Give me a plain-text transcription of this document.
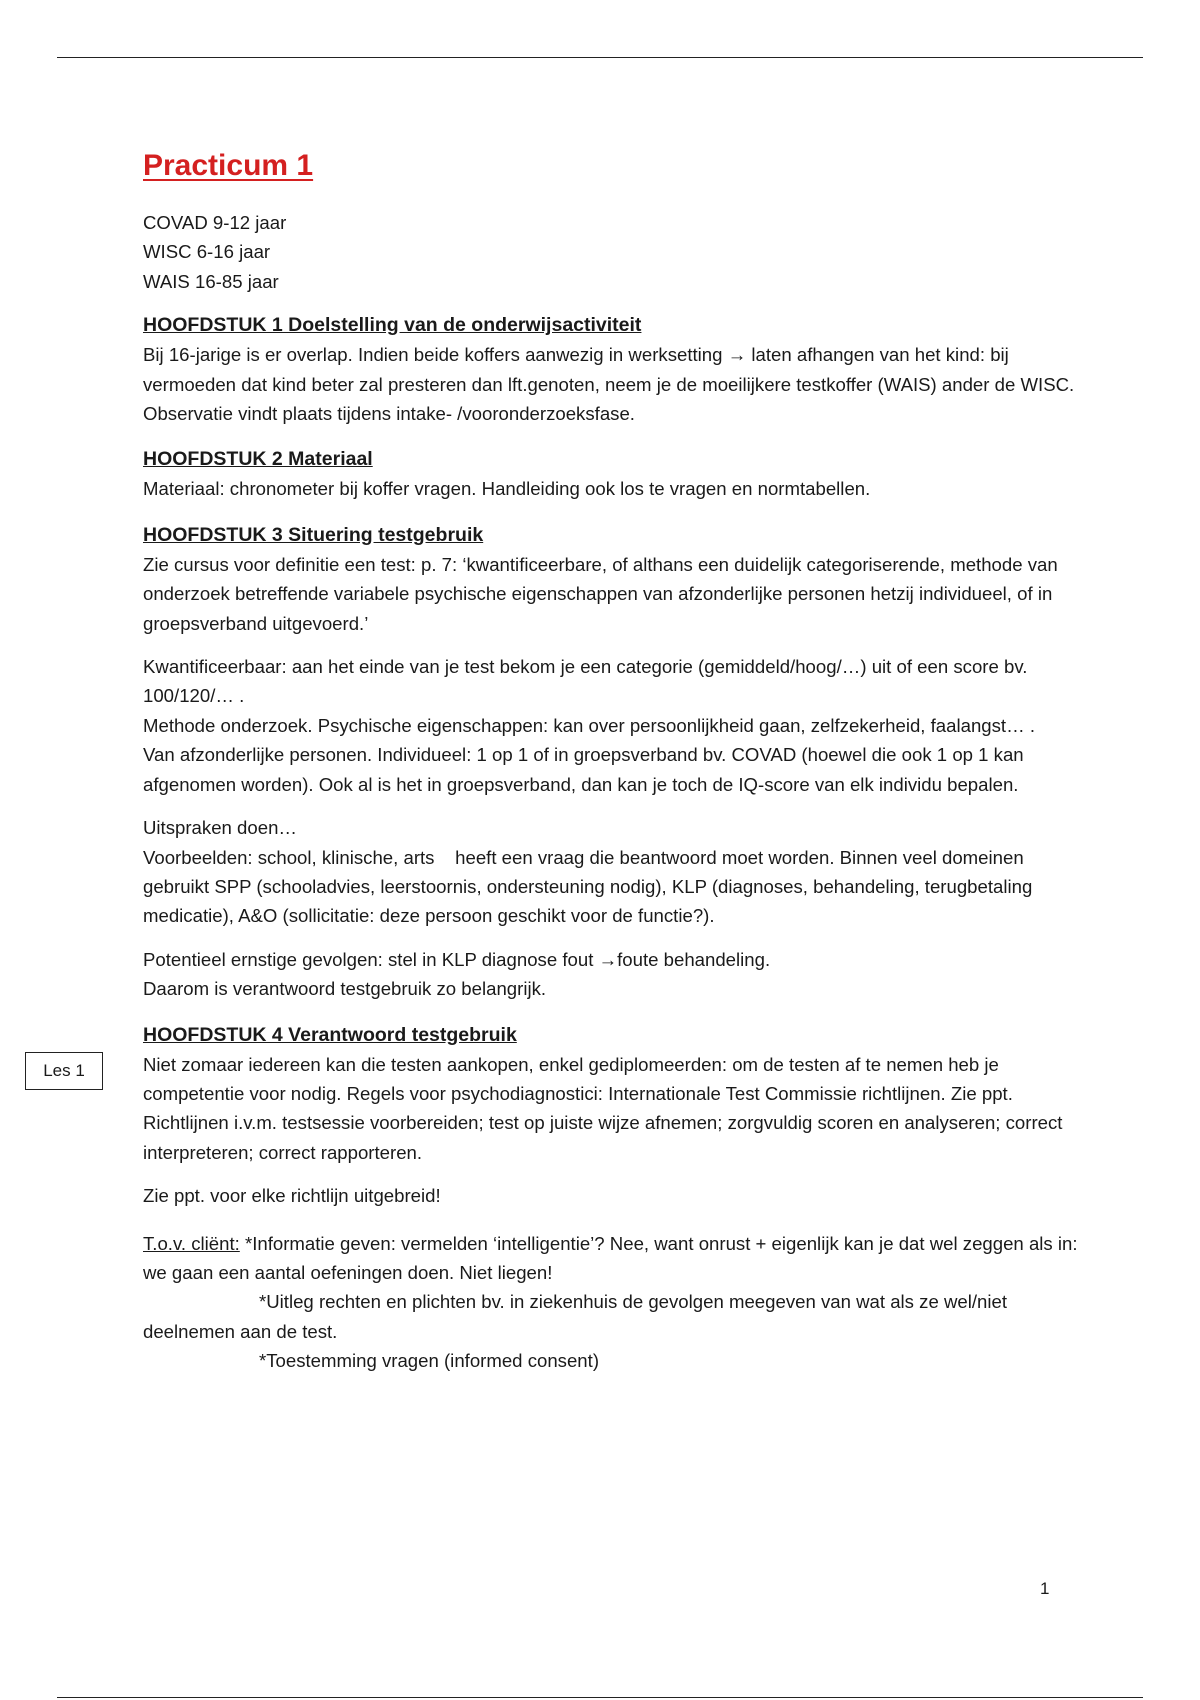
Practicum 1
COVAD 9-12 jaar
WISC 6-16 jaar
WAIS 16-85 jaar
HOOFDSTUK 1 Doelstelling van de onderwijsactiviteit
Bij 16-jarige is er overlap. Indien beide koffers aanwezig in werksetting → laten afhangen van het kind: bij vermoeden dat kind beter zal presteren dan lft.genoten, neem je de moeilijkere testkoffer (WAIS) ander de WISC.
Observatie vindt plaats tijdens intake- /vooronderzoeksfase.
HOOFDSTUK 2 Materiaal
Materiaal: chronometer bij koffer vragen. Handleiding ook los te vragen en normtabellen.
HOOFDSTUK 3 Situering testgebruik
Zie cursus voor definitie een test: p. 7: ‘kwantificeerbare, of althans een duidelijk categoriserende, methode van onderzoek betreffende variabele psychische eigenschappen van afzonderlijke personen hetzij individueel, of in groepsverband uitgevoerd.’
Kwantificeerbaar: aan het einde van je test bekom je een categorie (gemiddeld/hoog/…) uit of een score bv. 100/120/… .
Methode onderzoek. Psychische eigenschappen: kan over persoonlijkheid gaan, zelfzekerheid, faalangst… .
Van afzonderlijke personen. Individueel: 1 op 1 of in groepsverband bv. COVAD (hoewel die ook 1 op 1 kan afgenomen worden). Ook al is het in groepsverband, dan kan je toch de IQ-score van elk individu bepalen.
Uitspraken doen…
Voorbeelden: school, klinische, arts    heeft een vraag die beantwoord moet worden. Binnen veel domeinen gebruikt SPP (schooladvies, leerstoornis, ondersteuning nodig), KLP (diagnoses, behandeling, terugbetaling medicatie), A&O (sollicitatie: deze persoon geschikt voor de functie?).
Potentieel ernstige gevolgen: stel in KLP diagnose fout →foute behandeling.
Daarom is verantwoord testgebruik zo belangrijk.
HOOFDSTUK 4 Verantwoord testgebruik
Niet zomaar iedereen kan die testen aankopen, enkel gediplomeerden: om de testen af te nemen heb je competentie voor nodig. Regels voor psychodiagnostici: Internationale Test Commissie richtlijnen. Zie ppt.
Richtlijnen i.v.m. testsessie voorbereiden; test op juiste wijze afnemen; zorgvuldig scoren en analyseren; correct interpreteren; correct rapporteren.
Zie ppt. voor elke richtlijn uitgebreid!
T.o.v. cliënt: *Informatie geven: vermelden ‘intelligentie’? Nee, want onrust + eigenlijk kan je dat wel zeggen als in: we gaan een aantal oefeningen doen. Niet liegen!
*Uitleg rechten en plichten bv. in ziekenhuis de gevolgen meegeven van wat als ze wel/niet deelnemen aan de test.
*Toestemming vragen (informed consent)
Les 1
1
